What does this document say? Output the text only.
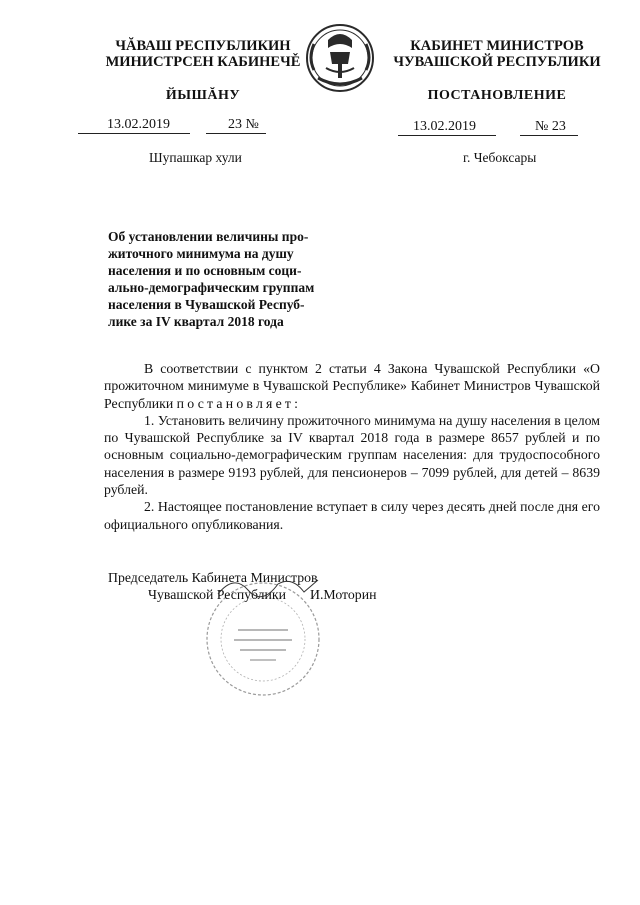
ЧĂВАШ РЕСПУБЛИКИН
МИНИСТРСЕН КАБИНЕЧĚ
ЙЫШĂНУ
13.02.2019	23 №
Шупашкар хули
КАБИНЕТ МИНИСТРОВ
ЧУВАШСКОЙ РЕСПУБЛИКИ
ПОСТАНОВЛЕНИЕ
13.02.2019	№ 23
г. Чебоксары
Об установлении величины про-
житочного минимума на душу
населения и по основным соци-
ально-демографическим группам
населения в Чувашской Респуб-
лике за IV квартал 2018 года

В соответствии с пунктом 2 статьи 4 Закона Чувашской Республики «О прожиточном минимуме в Чувашской Республике» Кабинет Министров Чувашской Республики постановляет:

1. Установить величину прожиточного минимума на душу населения в целом по Чувашской Республике за IV квартал 2018 года в размере 8657 рублей и по основным социально-демографическим группам населения: для трудоспособного населения в размере 9193 рублей, для пенсионеров – 7099 рублей, для детей – 8639 рублей.

2. Настоящее постановление вступает в силу через десять дней после дня его официального опубликования.

Председатель Кабинета Министров
Чувашской Республики И.Моторин
